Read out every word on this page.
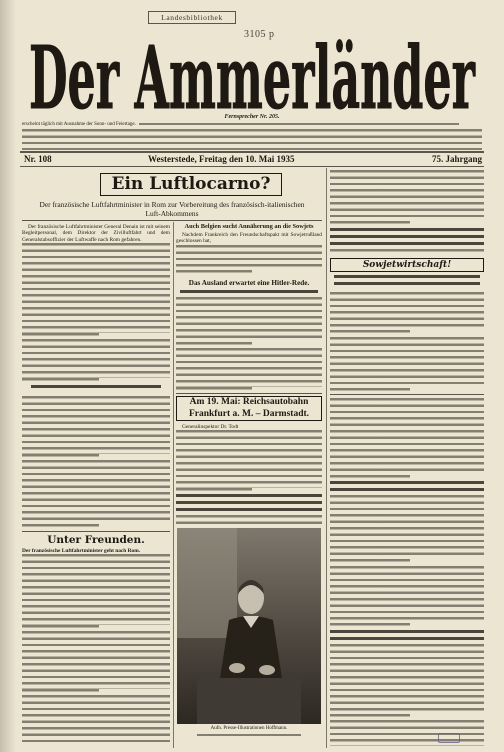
Landesbibliothek
3105 p
Der Ammerländer
Fernsprecher Nr. 205.
erscheint täglich mit Ausnahme der Sonn- und Feiertage.
Nr. 108	Westerstede, Freitag den 10. Mai 1935	75. Jahrgang
Ein Luftlocarno?
Der französische Luftfahrtminister in Rom zur Vorbereitung des französisch-italienischen
Luft-Abkommens

Der französische Luftfahrtminister General Denain ist mit seinem Begleitpersonal, dem Direktor der Zivilluftfahrt und dem Generalstabsoffizier der Luftwaffe nach Rom gefahren.

Unter Freunden.

Der französische Luftfahrtminister geht nach Rom.

Auch Belgien sucht Annäherung an die Sowjets

Nachdem Frankreich den Freundschaftspakt mit Sowjetrußland geschlossen hat,

Das Ausland erwartet eine Hitler-Rede.
Am 19. Mai: Reichsautobahn
Frankfurt a. M. – Darmstadt.

Generalinspektor Dr. Todt

Aufn. Presse-Illustrationen Hoffmann.
Sowjetwirtschaft!
